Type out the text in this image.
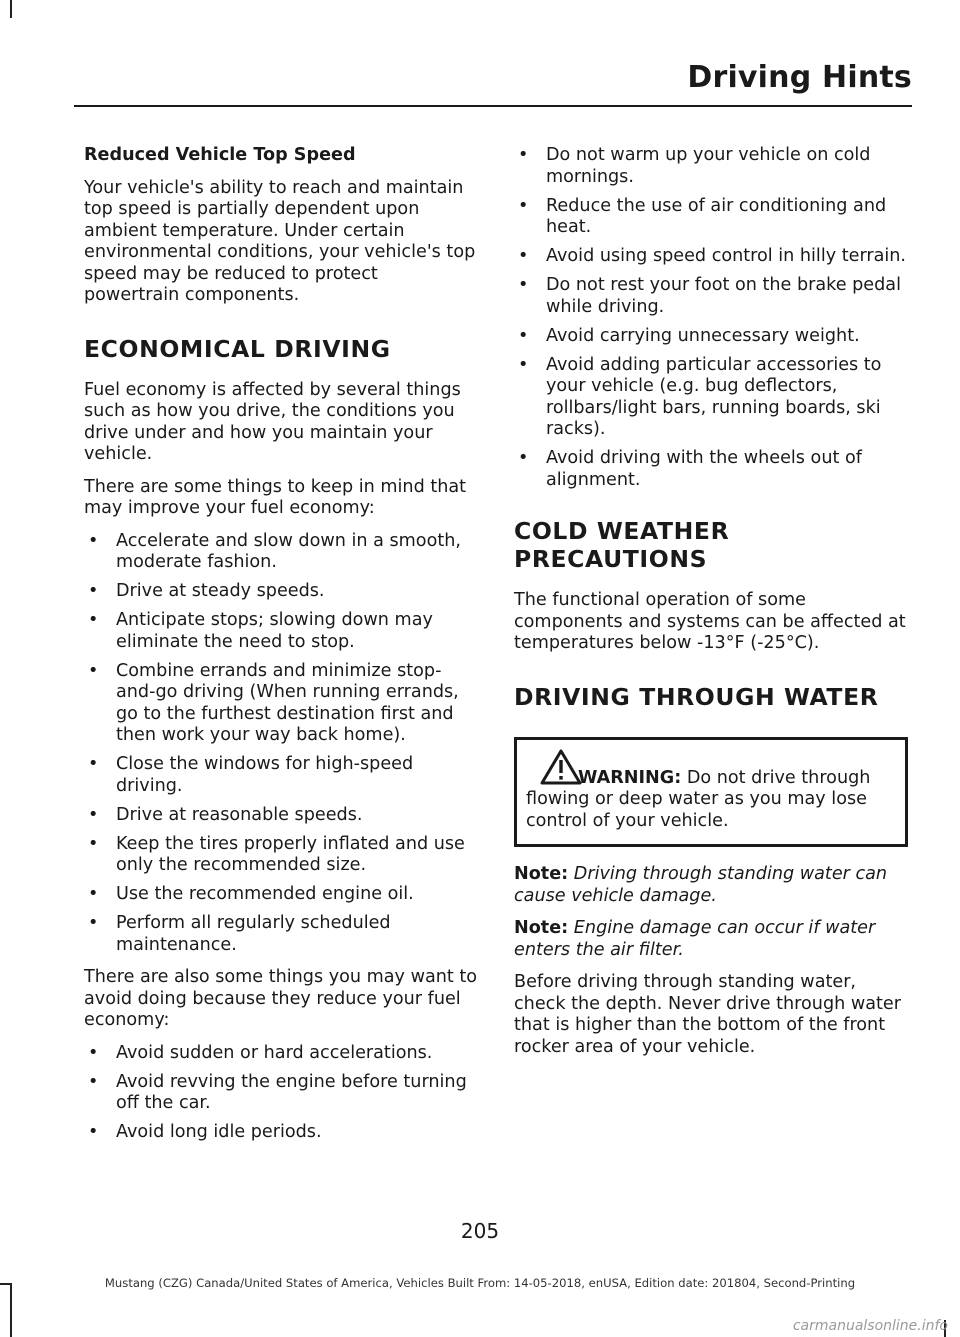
Driving Hints
Reduced Vehicle Top Speed

Your vehicle's ability to reach and maintain top speed is partially dependent upon ambient temperature. Under certain environmental conditions, your vehicle's top speed may be reduced to protect powertrain components.

ECONOMICAL DRIVING

Fuel economy is affected by several things such as how you drive, the conditions you drive under and how you maintain your vehicle.

There are some things to keep in mind that may improve your fuel economy:

• Accelerate and slow down in a smooth, moderate fashion.
• Drive at steady speeds.
• Anticipate stops; slowing down may eliminate the need to stop.
• Combine errands and minimize stop-and-go driving (When running errands, go to the furthest destination first and then work your way back home).
• Close the windows for high-speed driving.
• Drive at reasonable speeds.
• Keep the tires properly inflated and use only the recommended size.
• Use the recommended engine oil.
• Perform all regularly scheduled maintenance.

There are also some things you may want to avoid doing because they reduce your fuel economy:

• Avoid sudden or hard accelerations.
• Avoid revving the engine before turning off the car.
• Avoid long idle periods.
• Do not warm up your vehicle on cold mornings.
• Reduce the use of air conditioning and heat.
• Avoid using speed control in hilly terrain.
• Do not rest your foot on the brake pedal while driving.
• Avoid carrying unnecessary weight.
• Avoid adding particular accessories to your vehicle (e.g. bug deflectors, rollbars/light bars, running boards, ski racks).
• Avoid driving with the wheels out of alignment.
COLD WEATHER
PRECAUTIONS

The functional operation of some components and systems can be affected at temperatures below -13°F (-25°C).

DRIVING THROUGH WATER
WARNING: Do not drive through
flowing or deep water as you may lose control of your vehicle.

Note: Driving through standing water can cause vehicle damage.

Note: Engine damage can occur if water enters the air filter.

Before driving through standing water, check the depth. Never drive through water that is higher than the bottom of the front rocker area of your vehicle.

205
Mustang (CZG) Canada/United States of America, Vehicles Built From: 14-05-2018, enUSA, Edition date: 201804, Second-Printing
carmanualsonline.info
